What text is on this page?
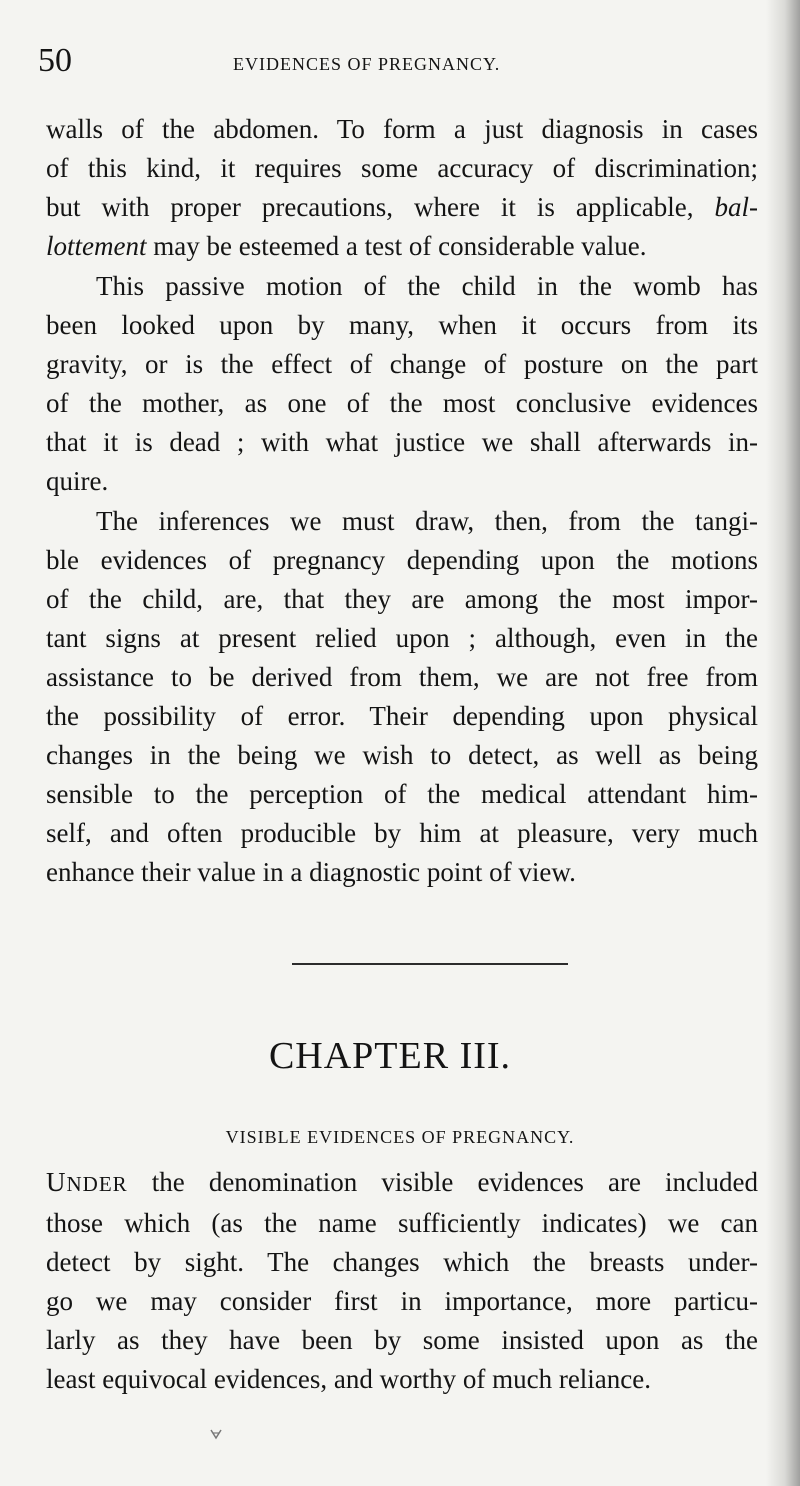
50	EVIDENCES OF PREGNANCY.
walls of the abdomen. To form a just diagnosis in cases
of this kind, it requires some accuracy of discrimination;
but with proper precautions, where it is applicable, bal-
lottement may be esteemed a test of considerable value.
This passive motion of the child in the womb has
been looked upon by many, when it occurs from its
gravity, or is the effect of change of posture on the part
of the mother, as one of the most conclusive evidences
that it is dead ; with what justice we shall afterwards in-
quire.
The inferences we must draw, then, from the tangi-
ble evidences of pregnancy depending upon the motions
of the child, are, that they are among the most impor-
tant signs at present relied upon ; although, even in the
assistance to be derived from them, we are not free from
the possibility of error. Their depending upon physical
changes in the being we wish to detect, as well as being
sensible to the perception of the medical attendant him-
self, and often producible by him at pleasure, very much
enhance their value in a diagnostic point of view.
CHAPTER III.
VISIBLE EVIDENCES OF PREGNANCY.
UNDER the denomination visible evidences are included
those which (as the name sufficiently indicates) we can
detect by sight. The changes which the breasts under-
go we may consider first in importance, more particu-
larly as they have been by some insisted upon as the
least equivocal evidences, and worthy of much reliance.
